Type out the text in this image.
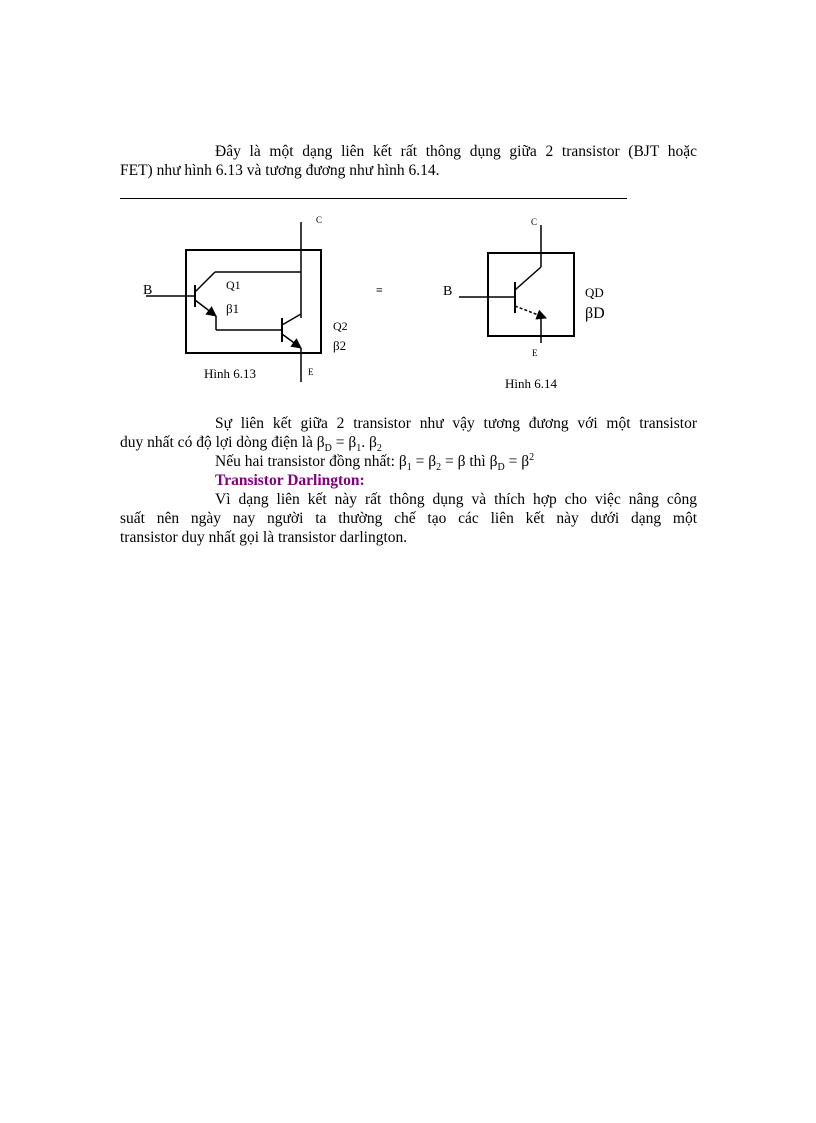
Đây là một dạng liên kết rất thông dụng giữa 2 transistor (BJT hoặc
FET) như hình 6.13 và tương đương như hình 6.14.
C
B	Q1
β1
Q2
β2
E
Hình 6.13
≡
C
B	QD
βD
E
Hình 6.14
Sự liên kết giữa 2 transistor như vậy tương đương với một transistor
duy nhất có độ lợi dòng điện là $\beta_D = \beta_1$. $\beta_2$
Nếu hai transistor đồng nhất: $\beta_1 = \beta_2 = \beta$ thì $\beta_D = \beta^2$
Transistor Darlington:
Vì dạng liên kết này rất thông dụng và thích hợp cho việc nâng công
suất nên ngày nay người ta thường chế tạo các liên kết này dưới dạng một
transistor duy nhất gọi là transistor darlington.
